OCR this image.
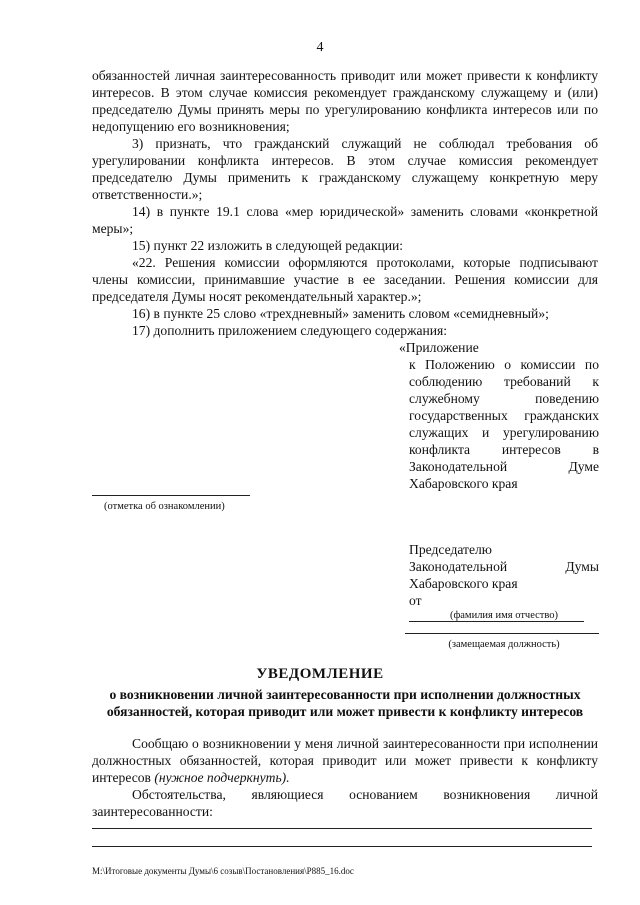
4

обязанностей личная заинтересованность приводит или может привести к конфликту интересов. В этом случае комиссия рекомендует гражданскому служащему и (или) председателю Думы принять меры по урегулированию конфликта интересов или по недопущению его возникновения;

3) признать, что гражданский служащий не соблюдал требования об урегулировании конфликта интересов. В этом случае комиссия рекомендует председателю Думы применить к гражданскому служащему конкретную меру ответственности.»;

14) в пункте 19.1 слова «мер юридической» заменить словами «конкретной меры»;

15) пункт 22 изложить в следующей редакции:

«22. Решения комиссии оформляются протоколами, которые подписывают члены комиссии, принимавшие участие в ее заседании. Решения комиссии для председателя Думы носят рекомендательный характер.»;

16) в пункте 25 слово «трехдневный» заменить словом «семидневный»;

17) дополнить приложением следующего содержания:

«Приложение
к Положению о комиссии по соблюдению требований к служебному поведению государственных гражданских служащих и урегулированию конфликта интересов в Законодательной Думе Хабаровского края
(отметка об ознакомлении)
Председателю
Законодательной	Думы
Хабаровского края
от
(фамилия имя отчество)
(замещаемая должность)
УВЕДОМЛЕНИЕ
о возникновении личной заинтересованности при исполнении должностных обязанностей, которая приводит или может привести к конфликту интересов

Сообщаю о возникновении у меня личной заинтересованности при исполнении должностных обязанностей, которая приводит или может привести к конфликту интересов (нужное подчеркнуть).

Обстоятельства, являющиеся основанием возникновения личной заинтересованности:

M:\Итоговые документы Думы\6 созыв\Постановления\P885_16.doc
